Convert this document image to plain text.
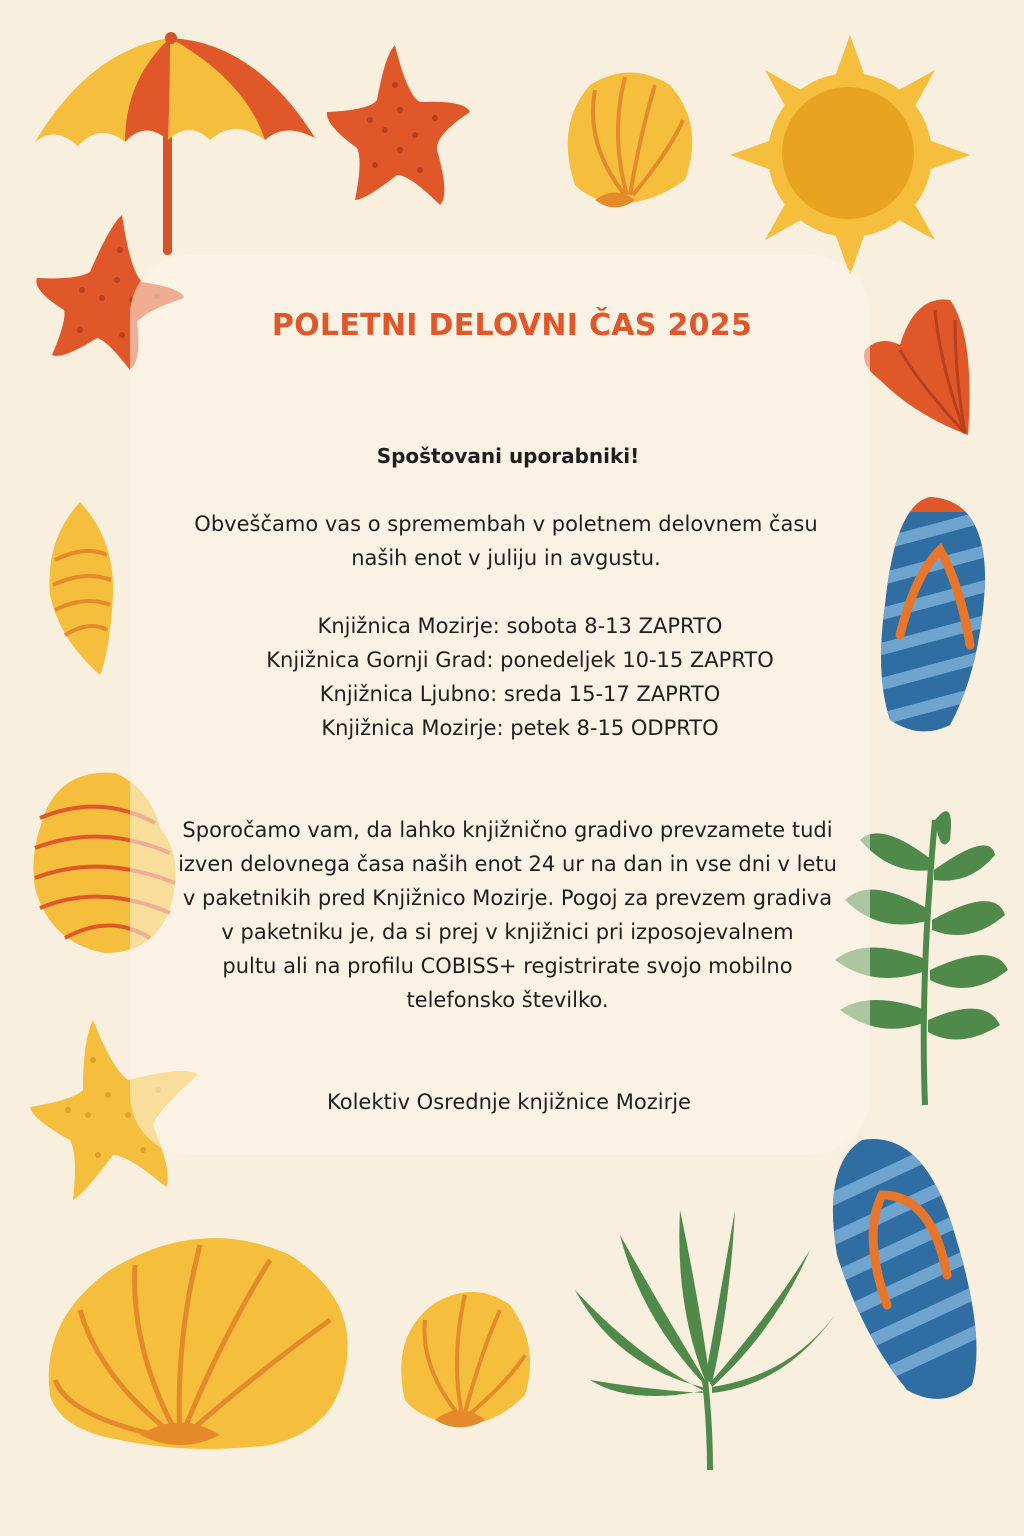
POLETNI DELOVNI ČAS 2025
Spoštovani uporabniki!
Obveščamo vas o spremembah v poletnem delovnem času
naših enot v juliju in avgustu.
Knjižnica Mozirje: sobota 8-13 ZAPRTO
Knjižnica Gornji Grad: ponedeljek 10-15 ZAPRTO
Knjižnica Ljubno: sreda 15-17 ZAPRTO
Knjižnica Mozirje: petek 8-15 ODPRTO
Sporočamo vam, da lahko knjižnično gradivo prevzamete tudi
izven delovnega časa naših enot 24 ur na dan in vse dni v letu
v paketnikih pred Knjižnico Mozirje. Pogoj za prevzem gradiva
v paketniku je, da si prej v knjižnici pri izposojevalnem
pultu ali na profilu COBISS+ registrirate svojo mobilno
telefonsko številko.
Kolektiv Osrednje knjižnice Mozirje
